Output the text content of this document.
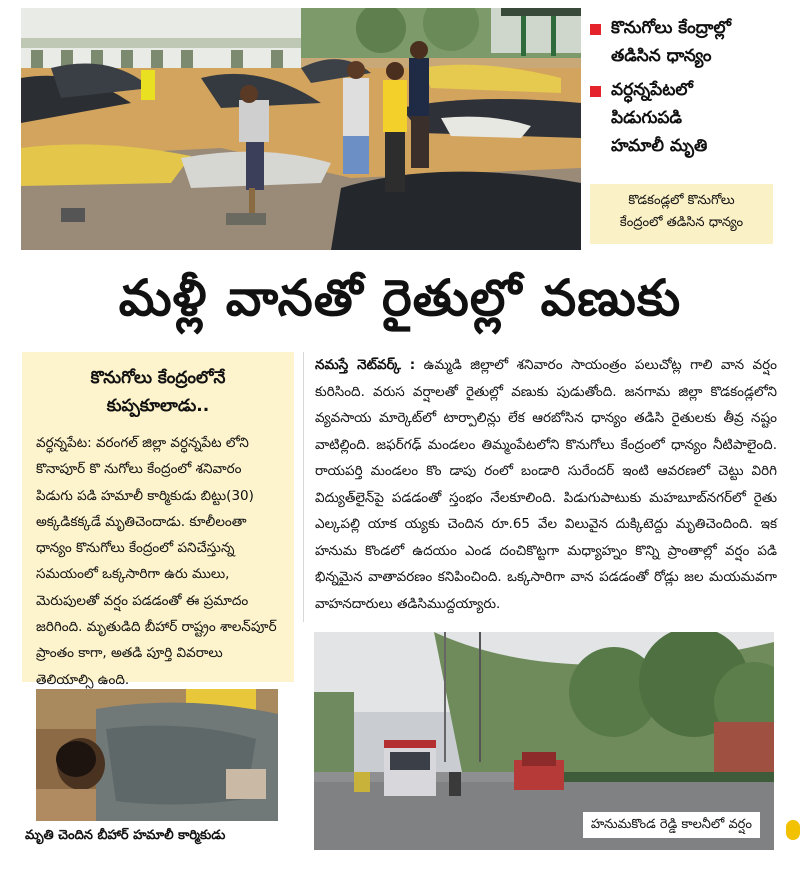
కొనుగోలు కేంద్రాల్లో
తడిసిన ధాన్యం
వర్ధన్నపేటలో
పిడుగుపడి
హమాలీ మృతి
కొడకండ్లలో కొనుగోలు
కేంద్రంలో తడిసిన ధాన్యం
మళ్లీ వానతో రైతుల్లో వణుకు
కొనుగోలు కేంద్రంలోనే
కుప్పకూలాడు..
వర్ధన్నపేట: వరంగల్ జిల్లా వర్ధన్నపేట లోని కొనాపూర్ కొ నుగోలు కేంద్రంలో శనివారం పిడుగు పడి హమాలీ కార్మికుడు బిట్టు(30) అక్కడికక్కడే మృతిచెందాడు. కూలీలంతా ధాన్యం కొనుగోలు కేంద్రంలో పనిచేస్తున్న సమయంలో ఒక్కసారిగా ఉరు ములు, మెరుపులతో వర్షం పడడంతో ఈ ప్రమాదం జరిగింది. మృతుడిది బీహార్ రాష్ట్రం శాలన్‌పూర్ ప్రాంతం కాగా, అతడి పూర్తి వివరాలు తెలియాల్సి ఉంది.
మృతి చెందిన బీహార్ హమాలీ కార్మికుడు
నమస్తే నెట్‌వర్క్ : ఉమ్మడి జిల్లాలో శనివారం సాయంత్రం పలుచోట్ల గాలి వాన వర్షం కురిసింది. వరుస వర్షాలతో రైతుల్లో వణుకు పుడుతోంది. జనగామ జిల్లా కొడకండ్లలోని వ్యవసాయ మార్కెట్‌లో టార్పాలిన్లు లేక ఆరబోసిన ధాన్యం తడిసి రైతులకు తీవ్ర నష్టం వాటిల్లింది. జఫర్‌గఢ్ మండలం తిమ్మంపేటలోని కొనుగోలు కేంద్రంలో ధాన్యం నీటిపాలైంది. రాయపర్తి మండలం కొం డాపు రంలో బండారి సురేందర్ ఇంటి ఆవరణలో చెట్టు విరిగి విద్యుత్‌లైన్‌పై పడడంతో స్తంభం నేలకూలింది. పిడుగుపాటుకు మహబూబ్‌నగర్‌లో రైతు ఎల్కపల్లి యాక య్యకు చెందిన రూ.65 వేల విలువైన దుక్కిటెద్దు మృతిచెందింది. ఇక హనుమ కొండలో ఉదయం ఎండ దంచికొట్టగా మధ్యాహ్నం కొన్ని ప్రాంతాల్లో వర్షం పడి భిన్నమైన వాతావరణం కనిపించింది. ఒక్కసారిగా వాన పడడంతో రోడ్లు జల మయమవగా వాహనదారులు తడిసిముద్దయ్యారు.
హనుమకొండ రెడ్డి కాలనీలో వర్షం
